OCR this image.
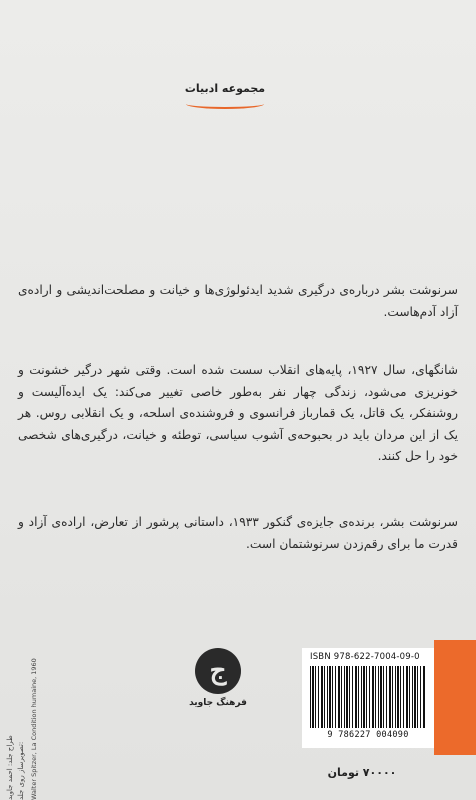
مجموعه ادبیات

سرنوشت بشر درباره‌ی درگیری شدید ایدئولوژی‌ها و خیانت و مصلحت‌اندیشی و اراده‌ی آزاد آدم‌هاست.

شانگهای، سال ۱۹۲۷، پایه‌های انقلاب سست شده است. وقتی شهر درگیر خشونت و خونریزی می‌شود، زندگی چهار نفر به‌طور خاصی تغییر می‌کند: یک ایده‌آلیست و روشنفکر، یک قاتل، یک قمارباز فرانسوی و فروشنده‌ی اسلحه، و یک انقلابی روس. هر یک از این مردان باید در بحبوحه‌ی آشوب سیاسی، توطئه و خیانت، درگیری‌های شخصی خود را حل کنند.

سرنوشت بشر، برنده‌ی جایزه‌ی گنکور ۱۹۳۳، داستانی پرشور از تعارض، اراده‌ی آزاد و قدرت ما برای رقم‌زدن سرنوشتمان است.

طراح جلد: احمد جاوید تصویرساز روی جلد: Walter Spitzer, La Condition humaine, 1960	ج
فرهنگ جاوید
ISBN 978-622-7004-09-0
9 786227 004090
۷۰۰۰۰ تومان
